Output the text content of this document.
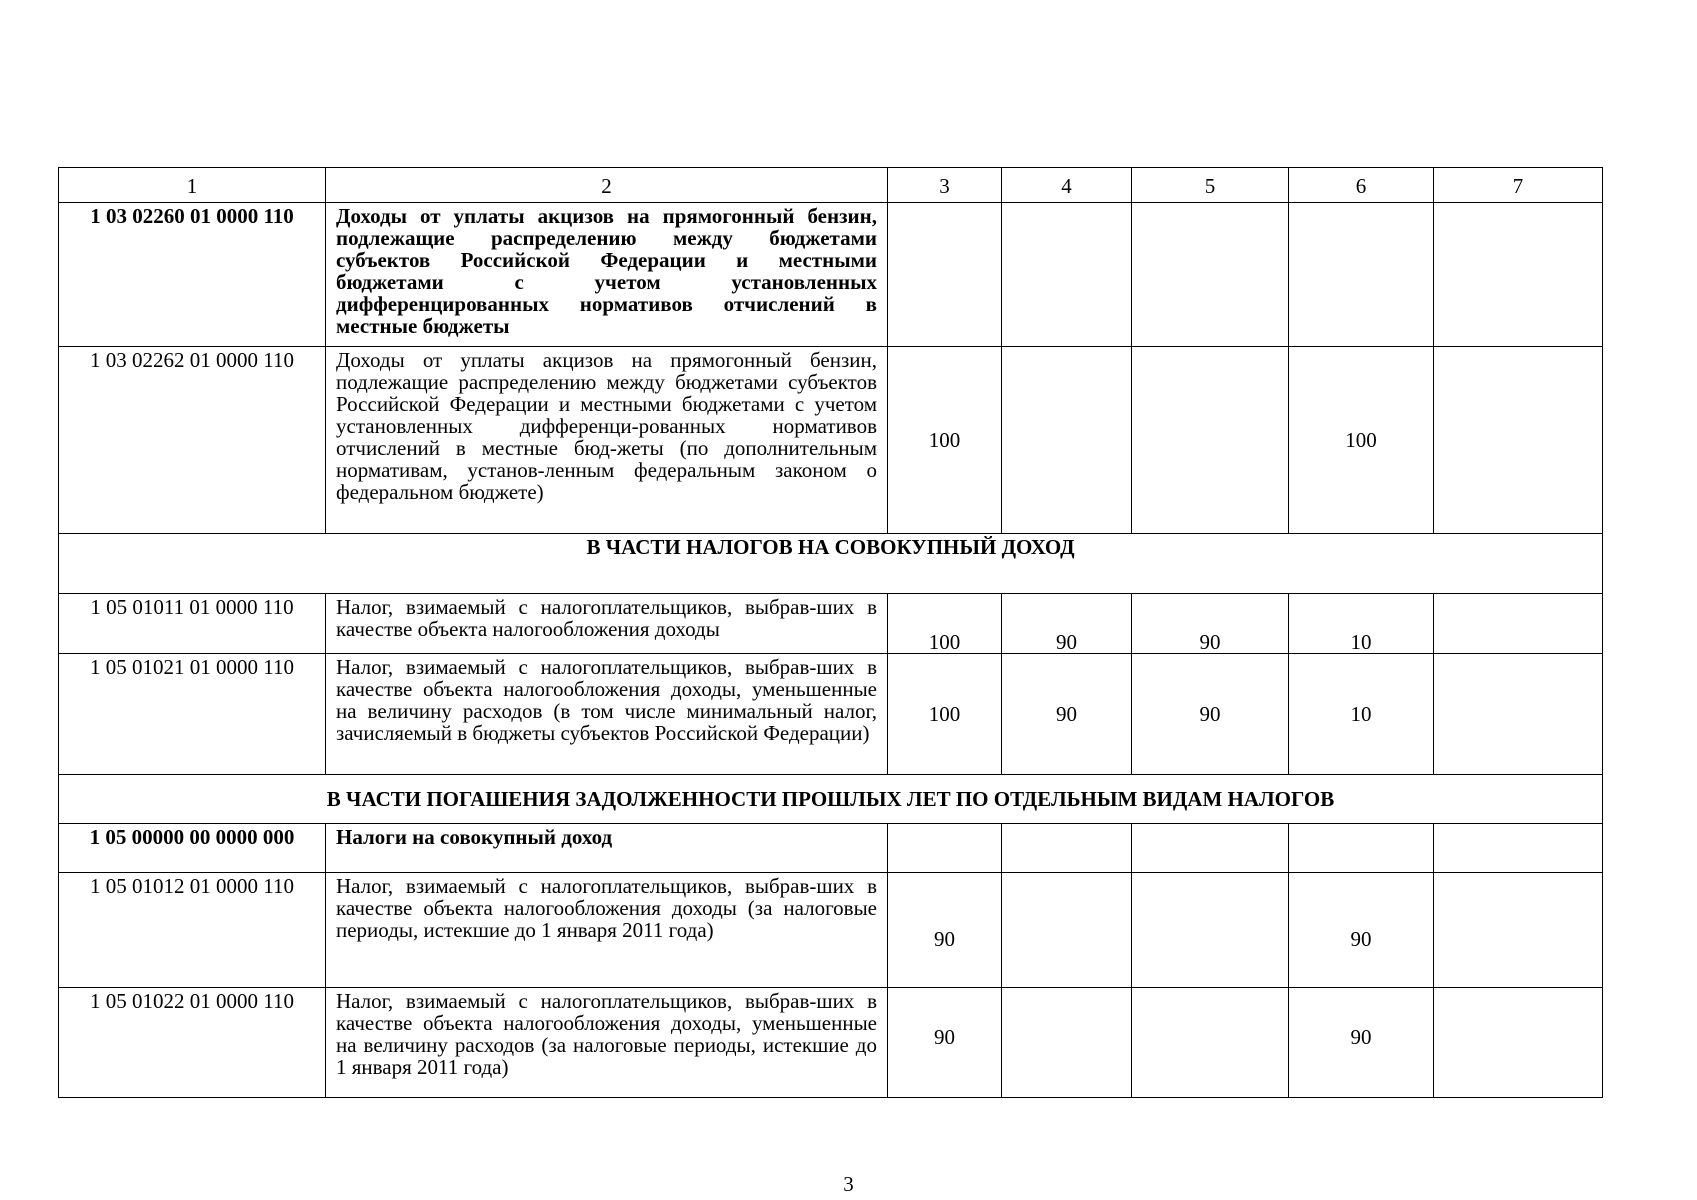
1	2	3	4	5	6	7
1 03 02260 01 0000 110	Доходы от уплаты акцизов на прямогонный бензин, подлежащие распределению между бюджетами субъектов Российской Федерации и местными бюджетами с учетом установленных дифференцированных нормативов отчислений в местные бюджеты					
1 03 02262 01 0000 110	Доходы от уплаты акцизов на прямогонный бензин, подлежащие распределению между бюджетами субъектов Российской Федерации и местными бюджетами с учетом установленных дифференци-рованных нормативов отчислений в местные бюд-жеты (по дополнительным нормативам, установ-ленным федеральным законом о федеральном бюджете)	100			100	
В ЧАСТИ НАЛОГОВ НА СОВОКУПНЫЙ ДОХОД						
1 05 01011 01 0000 110	Налог, взимаемый с налогоплательщиков, выбрав-ших в качестве объекта налогообложения доходы	100	90	90	10	
1 05 01021 01 0000 110	Налог, взимаемый с налогоплательщиков, выбрав-ших в качестве объекта налогообложения доходы, уменьшенные на величину расходов (в том числе минимальный налог, зачисляемый в бюджеты субъектов Российской Федерации)	100	90	90	10	
В ЧАСТИ ПОГАШЕНИЯ ЗАДОЛЖЕННОСТИ ПРОШЛЫХ ЛЕТ ПО ОТДЕЛЬНЫМ ВИДАМ НАЛОГОВ						
1 05 00000 00 0000 000	Налоги на совокупный доход					
1 05 01012 01 0000 110	Налог, взимаемый с налогоплательщиков, выбрав-ших в качестве объекта налогообложения доходы (за налоговые периоды, истекшие до 1 января 2011 года)	90			90	
1 05 01022 01 0000 110	Налог, взимаемый с налогоплательщиков, выбрав-ших в качестве объекта налогообложения доходы, уменьшенные на величину расходов (за налоговые периоды, истекшие до 1 января 2011 года)	90			90	
3
